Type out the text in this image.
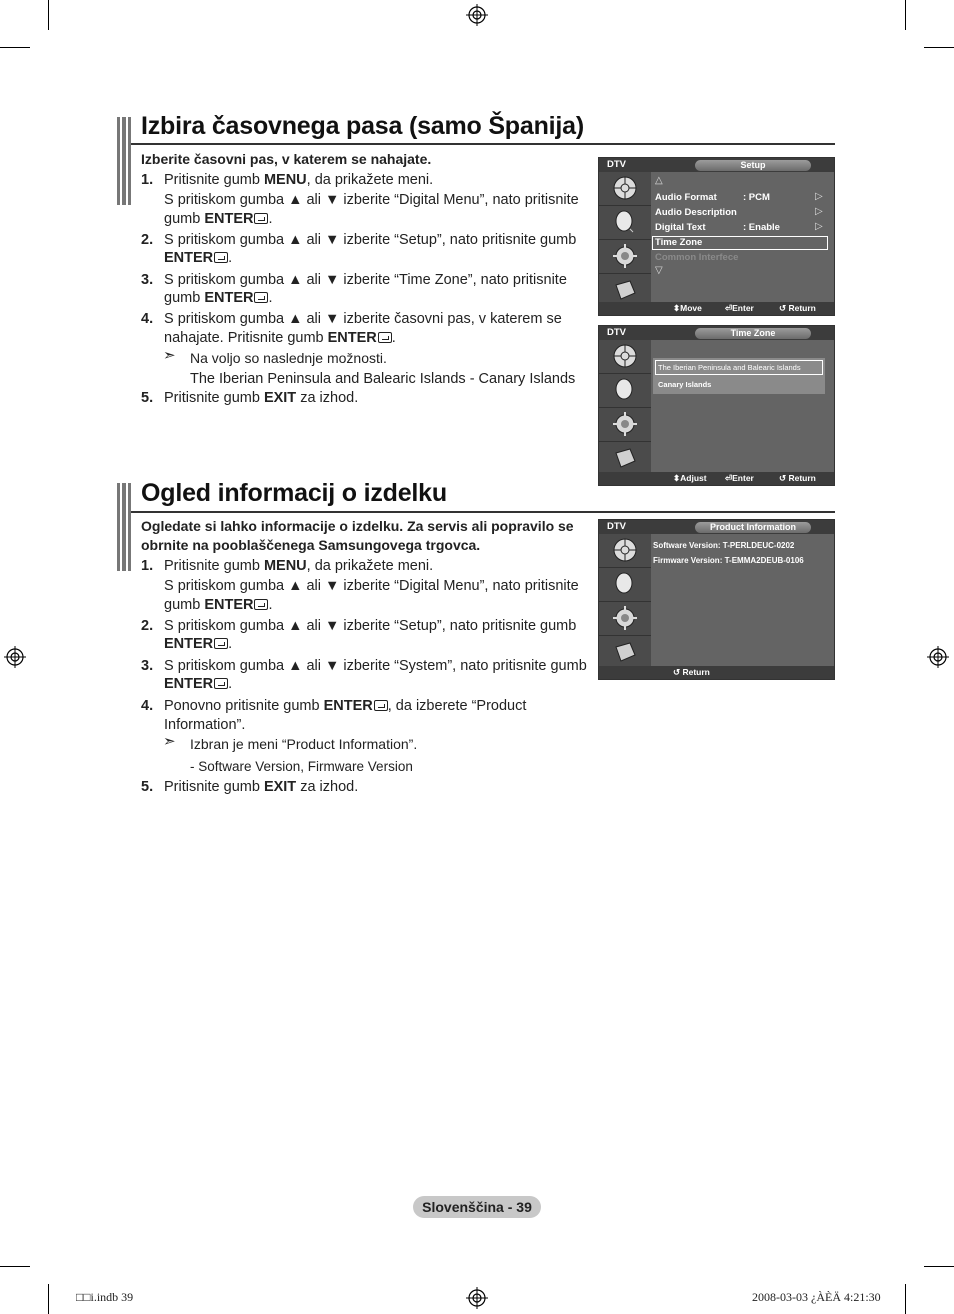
Izbira časovnega pasa (samo Španija)
Izberite časovni pas, v katerem se nahajate.
1. Pritisnite gumb MENU, da prikažete meni.
S pritiskom gumba ▲ ali ▼ izberite “Digital Menu”, nato pritisnite
gumb ENTER .
2. S pritiskom gumba ▲ ali ▼ izberite “Setup”, nato pritisnite gumb
ENTER .
3. S pritiskom gumba ▲ ali ▼ izberite “Time Zone”, nato pritisnite
gumb ENTER .
4. S pritiskom gumba ▲ ali ▼ izberite časovni pas, v katerem se
nahajate. Pritisnite gumb ENTER .
➣ Na voljo so naslednje možnosti.
The Iberian Peninsula and Balearic Islands - Canary Islands
5. Pritisnite gumb EXIT za izhod.
DTV	Setup
△
Audio Format	: PCM	▷
Audio Description	▷
Digital Text	: Enable	▷
Time Zone
Common Interfece
▽
⬍Move	⏎Enter	↺ Return
DTV	Time Zone
The Iberian Peninsula and Balearic Islands
Canary Islands
⬍Adjust ⏎Enter	↺ Return
Ogled informacij o izdelku
Ogledate si lahko informacije o izdelku. Za servis ali popravilo se
obrnite na pooblaščenega Samsungovega trgovca.
1. Pritisnite gumb MENU, da prikažete meni.
S pritiskom gumba ▲ ali ▼ izberite “Digital Menu”, nato pritisnite
gumb ENTER .
2. S pritiskom gumba ▲ ali ▼ izberite “Setup”, nato pritisnite gumb
ENTER .
3. S pritiskom gumba ▲ ali ▼ izberite “System”, nato pritisnite gumb
ENTER .
4. Ponovno pritisnite gumb ENTER , da izberete “Product
Information”.
➣ Izbran je meni “Product Information”.
- Software Version, Firmware Version
5. Pritisnite gumb EXIT za izhod.
DTV	Product Information
Software Version: T-PERLDEUC-0202
Firmware Version: T-EMMA2DEUB-0106
↺ Return
Slovenščina - 39
□□i.indb 39	2008-03-03 ¿ÀÈÄ 4:21:30
